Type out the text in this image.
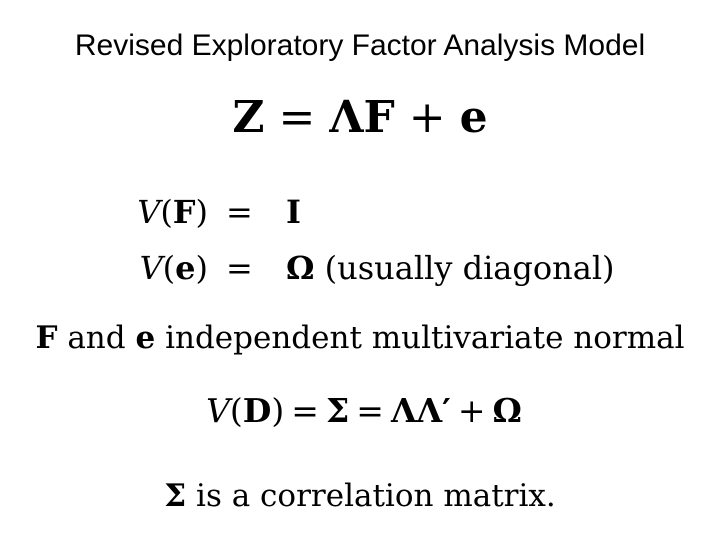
Revised Exploratory Factor Analysis Model
Z = ΛF + e
V(F) = I
V(e) = Ω (usually diagonal)
F and e independent multivariate normal
V(D) = Σ = ΛΛ′ + Ω
Σ is a correlation matrix.
